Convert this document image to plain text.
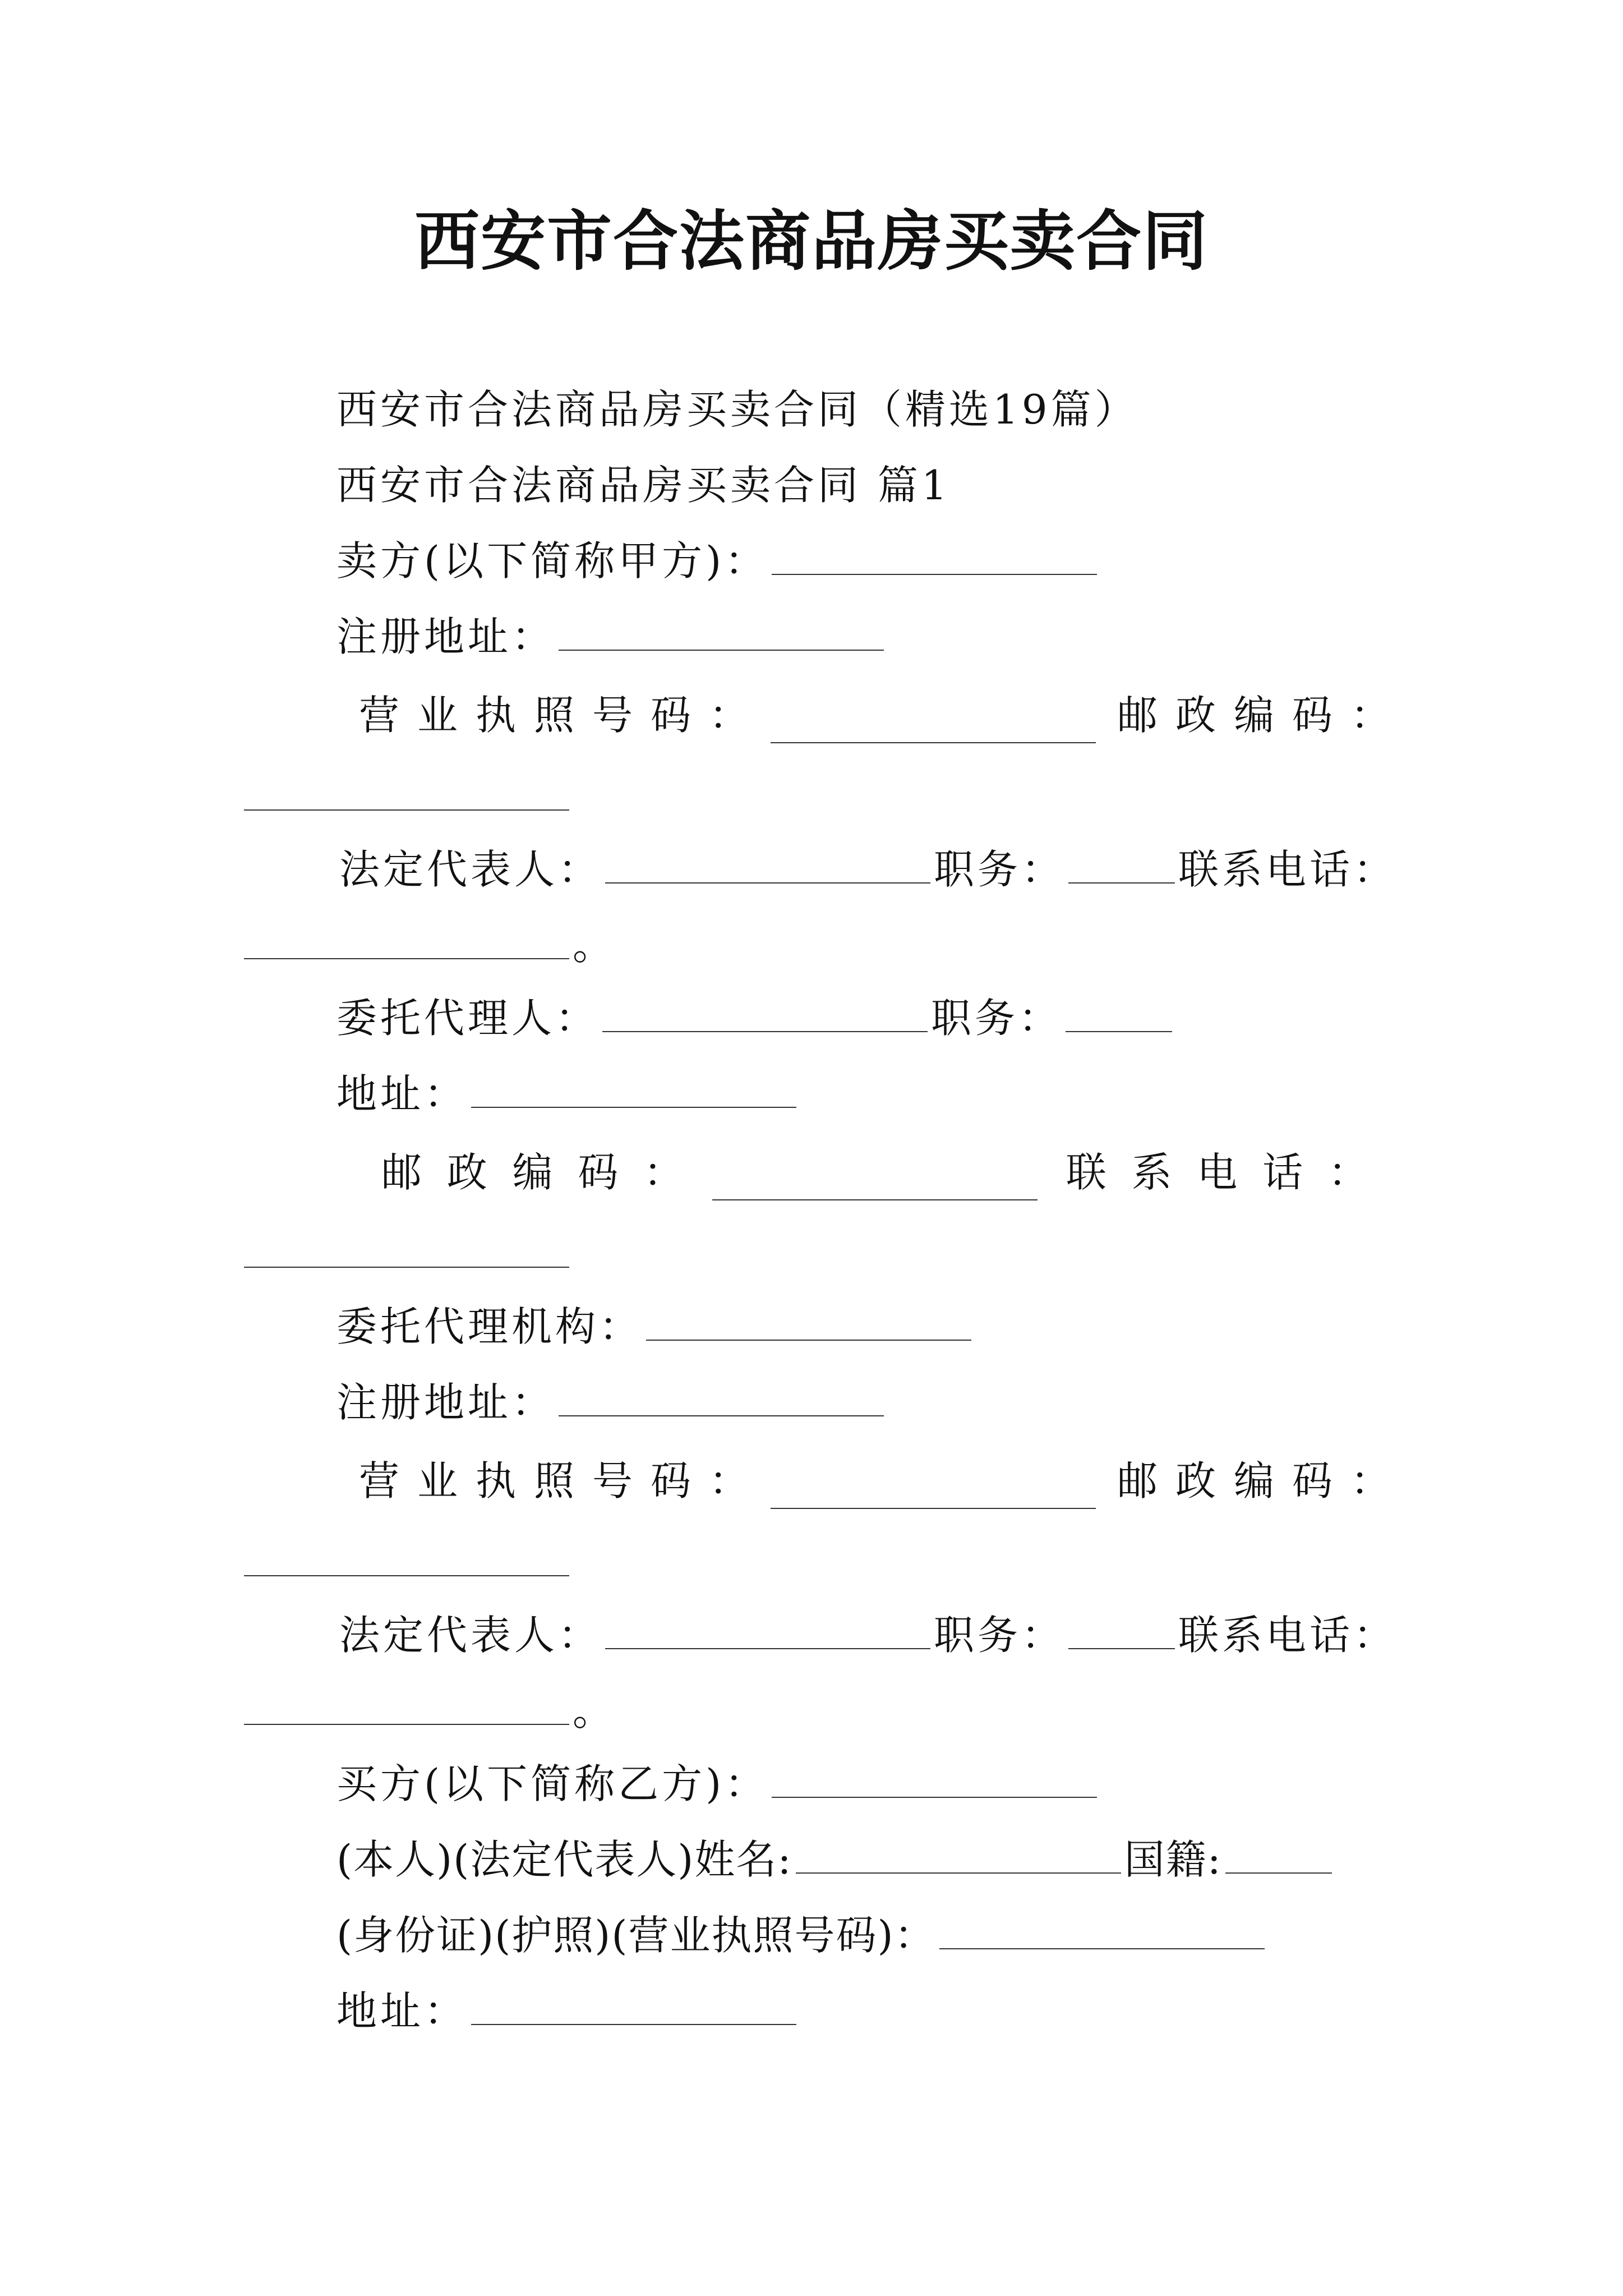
西安市合法商品房买卖合同
西安市合法商品房买卖合同（精选19篇）
西安市合法商品房买卖合同 篇1
卖方(以下简称甲方)：
注册地址：
营 业 执 照 号 码 ：	邮 政 编 码 ：
法定代表人：	职务：	联系电话：
。
委托代理人：	职务：
地址：
邮 政 编 码 ：	联 系 电 话 ：
委托代理机构：
注册地址：
营 业 执 照 号 码 ：	邮 政 编 码 ：
法定代表人：	职务：	联系电话：
。
买方(以下简称乙方)：
(本人)(法定代表人)姓名:	国籍:
(身份证)(护照)(营业执照号码)：
地址：
